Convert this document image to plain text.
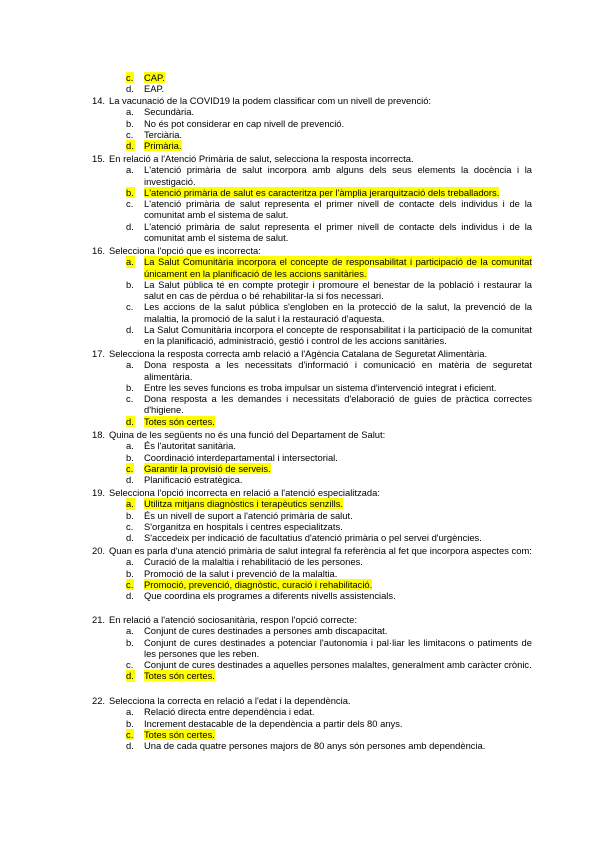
c. CAP.
d.	EAP.
14. La vacunació de la COVID19 la podem classificar com un nivell de prevenció:
a.	Secundària.
b.	No és pot considerar en cap nivell de prevenció.
c.	Terciària.
d. Primària.
15. En relació a l'Atenció Primària de salut, selecciona la resposta incorrecta.
a.	L'atenció primària de salut incorpora amb alguns dels seus elements la docència i la investigació.
b. L'atenció primària de salut es caracteritza per l'àmplia jerarquització dels treballadors.
c.	L'atenció primària de salut representa el primer nivell de contacte dels individus i de la comunitat amb el sistema de salut.
d.	L'atenció primària de salut representa el primer nivell de contacte dels individus i de la comunitat amb el sistema de salut.
16. Selecciona l'opció que es incorrecta:
a. La Salut Comunitària incorpora el concepte de responsabilitat i participació de la comunitat únicament en la planificació de les accions sanitàries.
b.	La Salut pública té en compte protegir i promoure el benestar de la població i restaurar la salut en cas de pèrdua o bé rehabilitar-la si fos necessari.
c.	Les accions de la salut pública s'engloben en la protecció de la salut, la prevenció de la malaltia, la promoció de la salut i la restauració d'aquesta.
d.	La Salut Comunitària incorpora el concepte de responsabilitat i la participació de la comunitat en la planificació, administració, gestió i control de les accions sanitàries.
17. Selecciona la resposta correcta amb relació a l'Agència Catalana de Seguretat Alimentària.
a.	Dona resposta a les necessitats d'informació i comunicació en matèria de seguretat alimentària.
b.	Entre les seves funcions es troba impulsar un sistema d'intervenció integrat i eficient.
c.	Dona resposta a les demandes i necessitats d'elaboració de guies de pràctica correctes d'higiene.
d. Totes són certes.
18. Quina de les següents no és una funció del Departament de Salut:
a.	És l'autoritat sanitària.
b.	Coordinació interdepartamental i intersectorial.
c. Garantir la provisió de serveis.
d.	Planificació estratègica.
19. Selecciona l'opció incorrecta en relació a l'atenció especialitzada:
a. Utilitza mitjans diagnòstics i terapèutics senzills.
b.	És un nivell de suport a l'atenció primària de salut.
c.	S'organitza en hospitals i centres especialitzats.
d.	S'accedeix per indicació de facultatius d'atenció primària o pel servei d'urgències.
20. Quan es parla d'una atenció primària de salut integral fa referència al fet que incorpora aspectes com:
a.	Curació de la malaltia i rehabilitació de les persones.
b.	Promoció de la salut i prevenció de la malaltia.
c. Promoció, prevenció, diagnòstic, curació i rehabilitació.
d.	Que coordina els programes a diferents nivells assistencials.
21. En relació a l'atenció sociosanitària, respon l'opció correcte:
a.	Conjunt de cures destinades a persones amb discapacitat.
b.	Conjunt de cures destinades a potenciar l'autonomia i pal·liar les limitacons o patiments de les persones que les reben.
c.	Conjunt de cures destinades a aquelles persones malaltes, generalment amb caràcter crònic.
d. Totes són certes.
22. Selecciona la correcta en relació a l'edat i la dependència.
a.	Relació directa entre dependència i edat.
b.	Increment destacable de la dependència a partir dels 80 anys.
c. Totes són certes.
d.	Una de cada quatre persones majors de 80 anys són persones amb dependència.
